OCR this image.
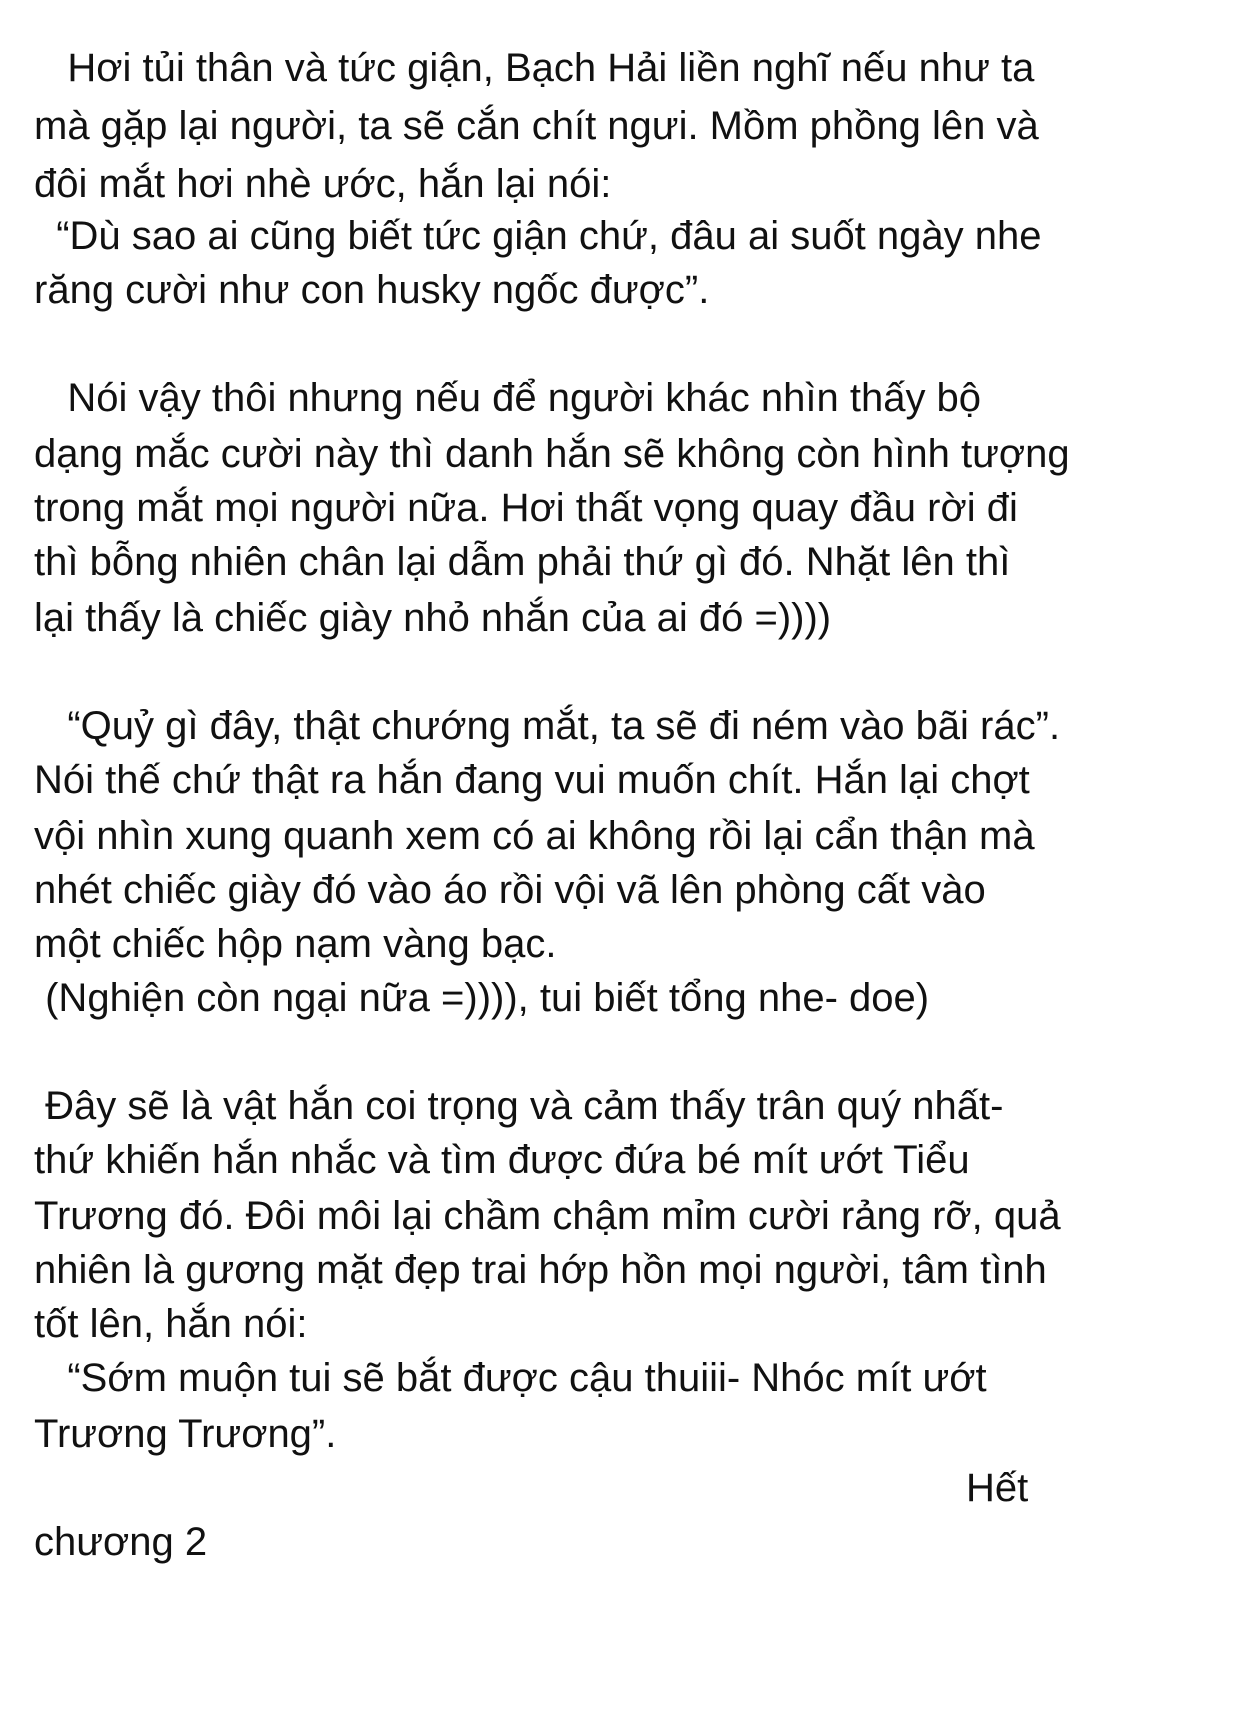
Hơi tủi thân và tức giận, Bạch Hải liền nghĩ nếu như ta
mà gặp lại người, ta sẽ cắn chít ngưi. Mồm phồng lên và
đôi mắt hơi nhè ước, hắn lại nói:
“Dù sao ai cũng biết tức giận chứ, đâu ai suốt ngày nhe
răng cười như con husky ngốc được”.
Nói vậy thôi nhưng nếu để người khác nhìn thấy bộ
dạng mắc cười này thì danh hắn sẽ không còn hình tượng
trong mắt mọi người nữa. Hơi thất vọng quay đầu rời đi
thì bỗng nhiên chân lại dẫm phải thứ gì đó. Nhặt lên thì
lại thấy là chiếc giày nhỏ nhắn của ai đó =))))
“Quỷ gì đây, thật chướng mắt, ta sẽ đi ném vào bãi rác”.
Nói thế chứ thật ra hắn đang vui muốn chít. Hắn lại chợt
vội nhìn xung quanh xem có ai không rồi lại cẩn thận mà
nhét chiếc giày đó vào áo rồi vội vã lên phòng cất vào
một chiếc hộp nạm vàng bạc.
(Nghiện còn ngại nữa =)))), tui biết tổng nhe- doe)
Đây sẽ là vật hắn coi trọng và cảm thấy trân quý nhất-
thứ khiến hắn nhắc và tìm được đứa bé mít ướt Tiểu
Trương đó. Đôi môi lại chầm chậm mỉm cười rảng rỡ, quả
nhiên là gương mặt đẹp trai hớp hồn mọi người, tâm tình
tốt lên, hắn nói:
“Sớm muộn tui sẽ bắt được cậu thuiii- Nhóc mít ướt
Trương Trương”.
Hết
chương 2
